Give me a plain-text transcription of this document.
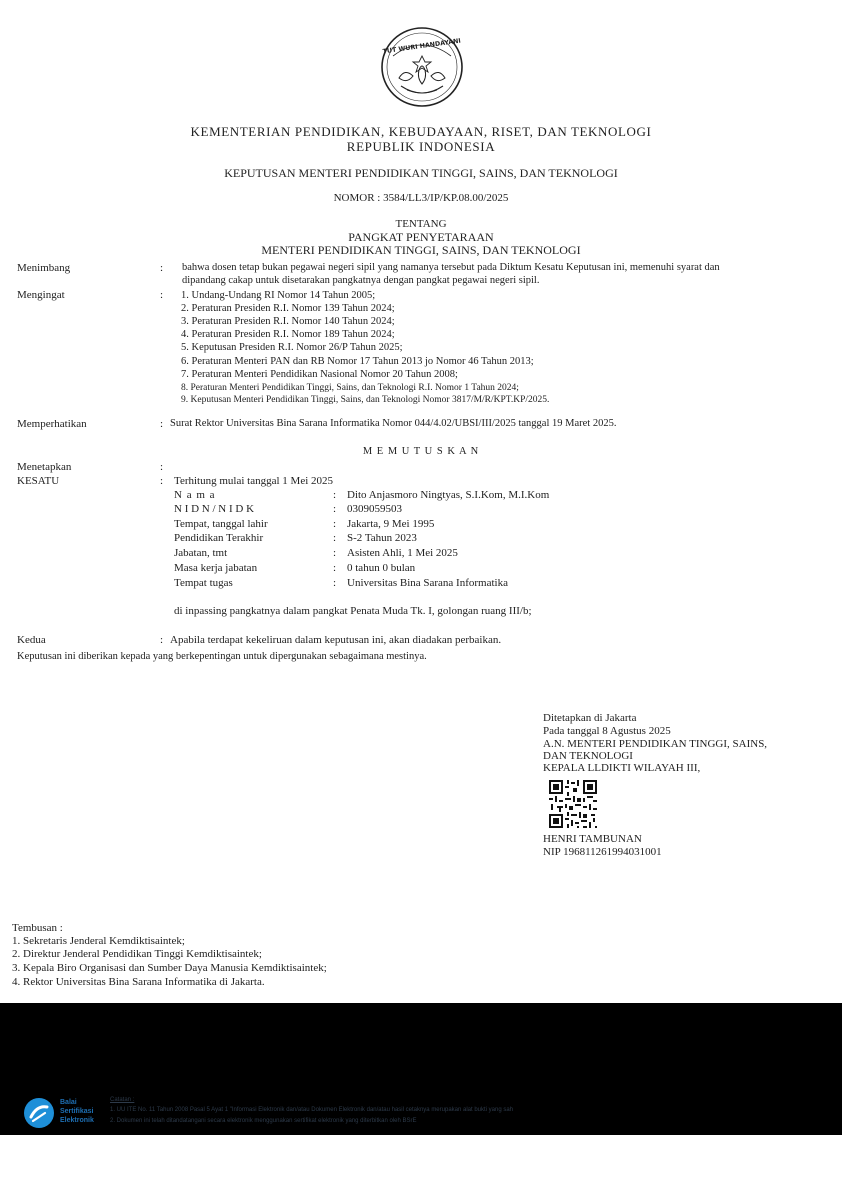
TUT WURI HANDAYANI
KEMENTERIAN PENDIDIKAN, KEBUDAYAAN, RISET, DAN TEKNOLOGI
REPUBLIK INDONESIA
KEPUTUSAN MENTERI PENDIDIKAN TINGGI, SAINS, DAN TEKNOLOGI
NOMOR : 3584/LL3/IP/KP.08.00/2025
TENTANG
PANGKAT PENYETARAAN
MENTERI PENDIDIKAN TINGGI, SAINS, DAN TEKNOLOGI
Menimbang	: bahwa dosen tetap bukan pegawai negeri sipil yang namanya tersebut pada Diktum Kesatu Keputusan ini, memenuhi syarat dan
dipandang cakap untuk disetarakan pangkatnya dengan pangkat pegawai negeri sipil.
Mengingat	: 1. Undang-Undang RI Nomor 14 Tahun 2005;
2. Peraturan Presiden R.I. Nomor 139 Tahun 2024;
3. Peraturan Presiden R.I. Nomor 140 Tahun 2024;
4. Peraturan Presiden R.I. Nomor 189 Tahun 2024;
5. Keputusan Presiden R.I. Nomor 26/P Tahun 2025;
6. Peraturan Menteri PAN dan RB Nomor 17 Tahun 2013 jo Nomor 46 Tahun 2013;
7. Peraturan Menteri Pendidikan Nasional Nomor 20 Tahun 2008;
8. Peraturan Menteri Pendidikan Tinggi, Sains, dan Teknologi R.I. Nomor 1 Tahun 2024;
9. Keputusan Menteri Pendidikan Tinggi, Sains, dan Teknologi Nomor 3817/M/R/KPT.KP/2025.
Memperhatikan	: Surat Rektor Universitas Bina Sarana Informatika Nomor 044/4.02/UBSI/III/2025 tanggal 19 Maret 2025.
M E M U T U S K A N
Menetapkan	:
KESATU	: Terhitung mulai tanggal 1 Mei 2025
N a m a	: Dito Anjasmoro Ningtyas, S.I.Kom, M.I.Kom
N I D N / N I D K	: 0309059503
Tempat, tanggal lahir	: Jakarta, 9 Mei 1995
Pendidikan Terakhir	: S-2 Tahun 2023
Jabatan, tmt	: Asisten Ahli, 1 Mei 2025
Masa kerja jabatan	: 0 tahun 0 bulan
Tempat tugas	: Universitas Bina Sarana Informatika
di inpassing pangkatnya dalam pangkat Penata Muda Tk. I, golongan ruang III/b;
Kedua	: Apabila terdapat kekeliruan dalam keputusan ini, akan diadakan perbaikan.
Keputusan ini diberikan kepada yang berkepentingan untuk dipergunakan sebagaimana mestinya.
Ditetapkan di Jakarta
Pada tanggal 8 Agustus 2025
A.N. MENTERI PENDIDIKAN TINGGI, SAINS,
DAN TEKNOLOGI
KEPALA LLDIKTI WILAYAH III,
HENRI TAMBUNAN
NIP 196811261994031001
Tembusan :
1. Sekretaris Jenderal Kemdiktisaintek;
2. Direktur Jenderal Pendidikan Tinggi Kemdiktisaintek;
3. Kepala Biro Organisasi dan Sumber Daya Manusia Kemdiktisaintek;
4. Rektor Universitas Bina Sarana Informatika di Jakarta.
Balai
Sertifikasi
Elektronik
Catatan :
1. UU ITE No. 11 Tahun 2008 Pasal 5 Ayat 1 "Informasi Elektronik dan/atau Dokumen Elektronik dan/atau hasil cetaknya merupakan alat bukti yang sah
2. Dokumen ini telah ditandatangani secara elektronik menggunakan sertifikat elektronik yang diterbitkan oleh BSrE
